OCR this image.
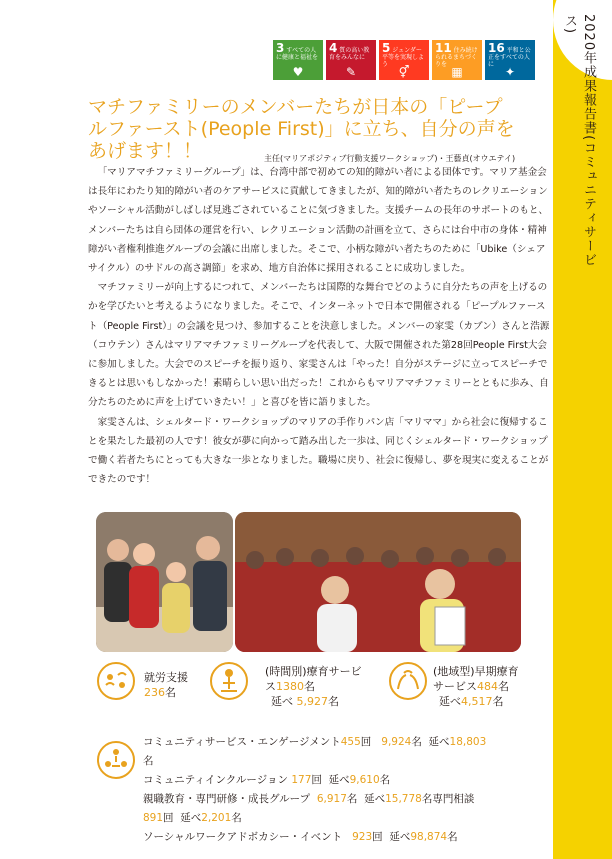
2020年成果報告書(コミュニティサービス)
3 すべての人に健康と福祉を
♥
4 質の高い教育をみんなに
✎
5 ジェンダー平等を実現しよう
⚥
11 住み続けられるまちづくりを
▦
16 平和と公正をすべての人に
✦
マチファミリーのメンバーたちが日本の「ピープルファースト(People First)」に立ち、自分の声をあげます！！	主任(マリアポジティブ行動支援ワークショップ)・王藝貞(オウエテイ)

「マリアマチファミリーグループ」は、台湾中部で初めての知的障がい者による団体です。マリア基金会は長年にわたり知的障がい者のケアサービスに貢献してきましたが、知的障がい者たちのレクリエーションやソーシャル活動がしばしば見逃ごされていることに気づきました。支援チームの長年のサポートのもと、メンバーたちは自ら団体の運営を行い、レクリエーション活動の計画を立て、さらには台中市の身体・精神障がい者権利推進グループの会議に出席しました。そこで、小柄な障がい者たちのために「Ubike（シェアサイクル）のサドルの高さ調節」を求め、地方自治体に採用されることに成功しました。

マチファミリーが向上するにつれて、メンバーたちは国際的な舞台でどのように自分たちの声を上げるのかを学びたいと考えるようになりました。そこで、インターネットで日本で開催される「ピープルファースト（People First）」の会議を見つけ、参加することを決意しました。メンバーの家雯（カブン）さんと浩源（コウテン）さんはマリアマチファミリーグループを代表して、大阪で開催された第28回People First大会に参加しました。大会でのスピーチを振り返り、家雯さんは「やった！自分がステージに立ってスピーチできるとは思いもしなかった！素晴らしい思い出だった！これからもマリアマチファミリーとともに歩み、自分たちのために声を上げていきたい！」と喜びを皆に語りました。

家雯さんは、シェルタード・ワークショップのマリアの手作りパン店「マリママ」から社会に復帰することを果たした最初の人です！彼女が夢に向かって踏み出した一歩は、同じくシェルタード・ワークショップで働く若者たちにとっても大きな一歩となりました。職場に戻り、社会に復帰し、夢を現実に変えることができたのです！

就労支援
236名
(時間別)療育サービ
ス1380名
延べ 5,927名
(地域型)早期療育
サービス484名
延べ4,517名
コミュニティサービス・エンゲージメント455回 9,924名 延べ18,803
名
コミュニティインクルージョン 177回 延べ9,610名
親職教育・専門研修・成長グループ 6,917名 延べ15,778名専門相談
891回 延べ2,201名
ソーシャルワークアドボカシー・イベント 923回 延べ98,874名
